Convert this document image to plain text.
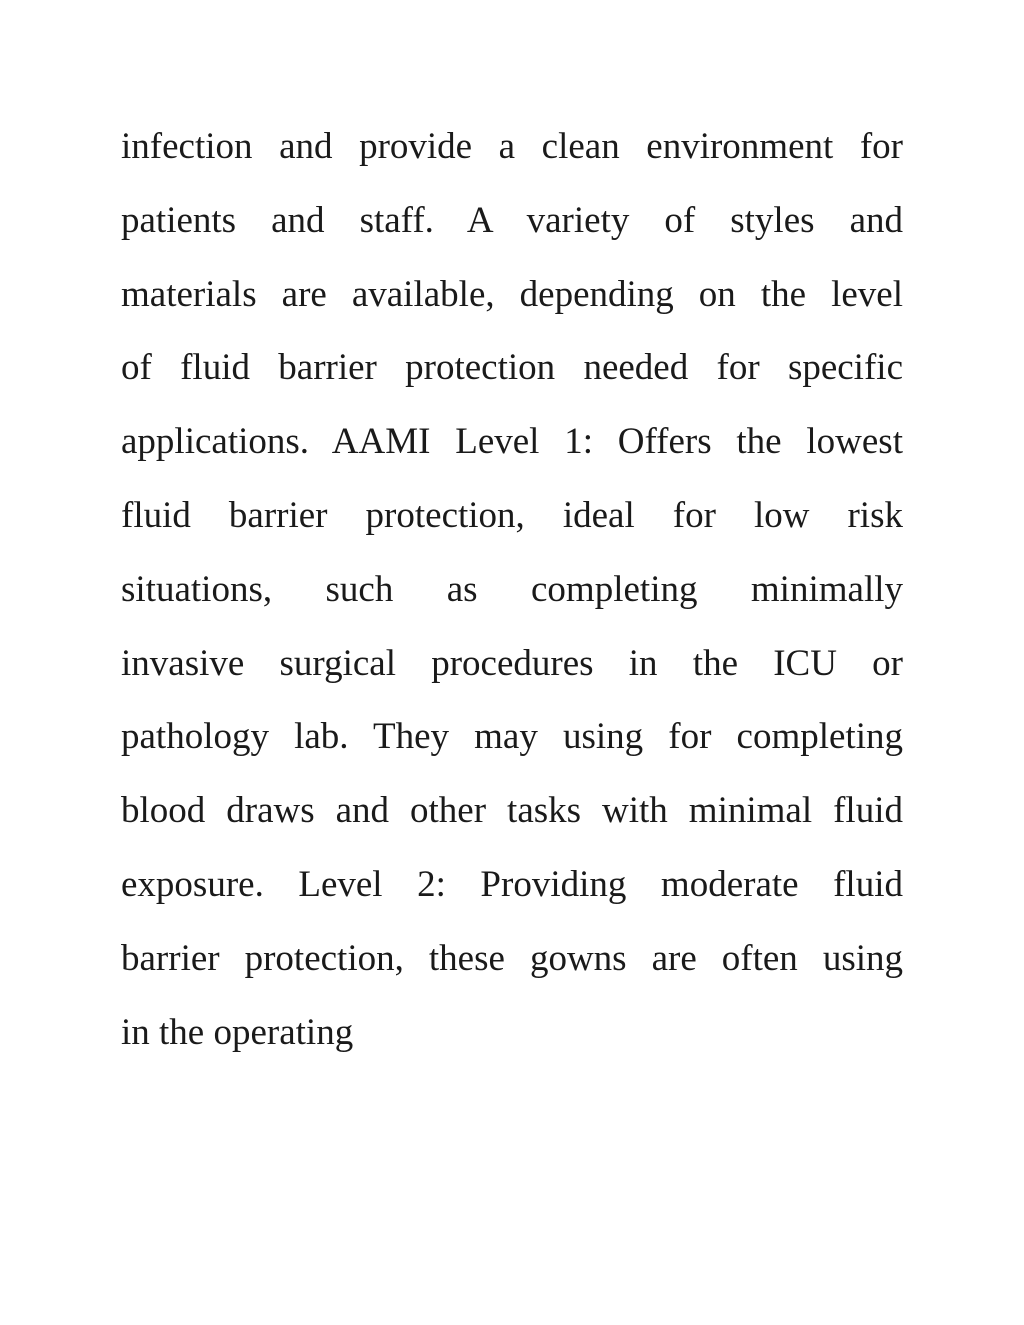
infection and provide a clean environment for
patients and staff. A variety of styles and
materials are available, depending on the level
of fluid barrier protection needed for specific
applications. AAMI Level 1: Offers the lowest
fluid barrier protection, ideal for low risk
situations, such as completing minimally
invasive surgical procedures in the ICU or
pathology lab. They may using for completing
blood draws and other tasks with minimal fluid
exposure. Level 2: Providing moderate fluid
barrier protection, these gowns are often using
in the operating
